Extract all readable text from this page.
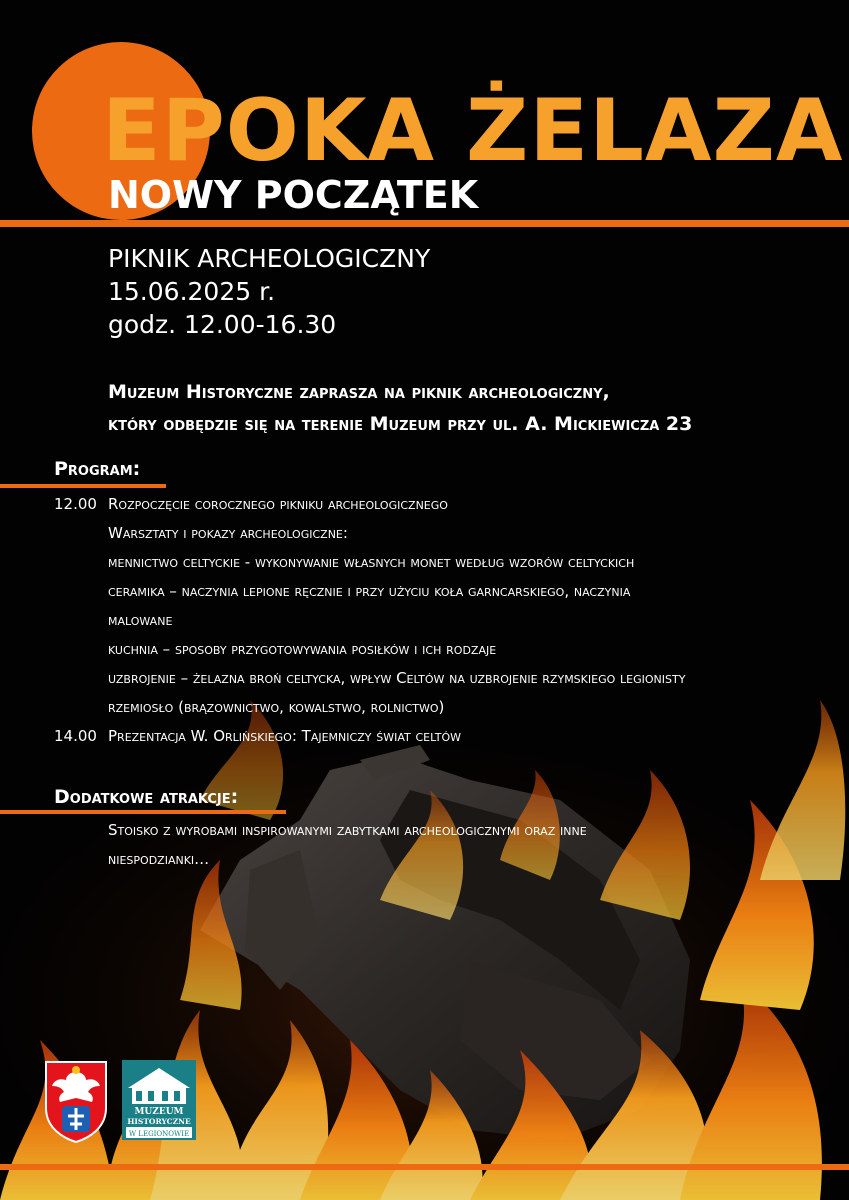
EPOKA ŻELAZA
NOWY POCZĄTEK
PIKNIK ARCHEOLOGICZNY
15.06.2025 r.
godz. 12.00-16.30
Muzeum Historyczne zaprasza na piknik archeologiczny,
który odbędzie się na terenie Muzeum przy ul. A. Mickiewicza 23
Program:
12.00 Rozpoczęcie corocznego pikniku archeologicznego
Warsztaty i pokazy archeologiczne:
mennictwo celtyckie - wykonywanie własnych monet według wzorów celtyckich
ceramika – naczynia lepione ręcznie i przy użyciu koła garncarskiego, naczynia
malowane
kuchnia – sposoby przygotowywania posiłków i ich rodzaje
uzbrojenie – żelazna broń celtycka, wpływ Celtów na uzbrojenie rzymskiego legionisty
rzemiosło (brązownictwo, kowalstwo, rolnictwo)
14.00 Prezentacja W. Orlińskiego: Tajemniczy świat celtów
Dodatkowe atrakcje:
Stoisko z wyrobami inspirowanymi zabytkami archeologicznymi oraz inne
niespodzianki…
MUZEUM
HISTORYCZNE
W LEGIONOWIE
